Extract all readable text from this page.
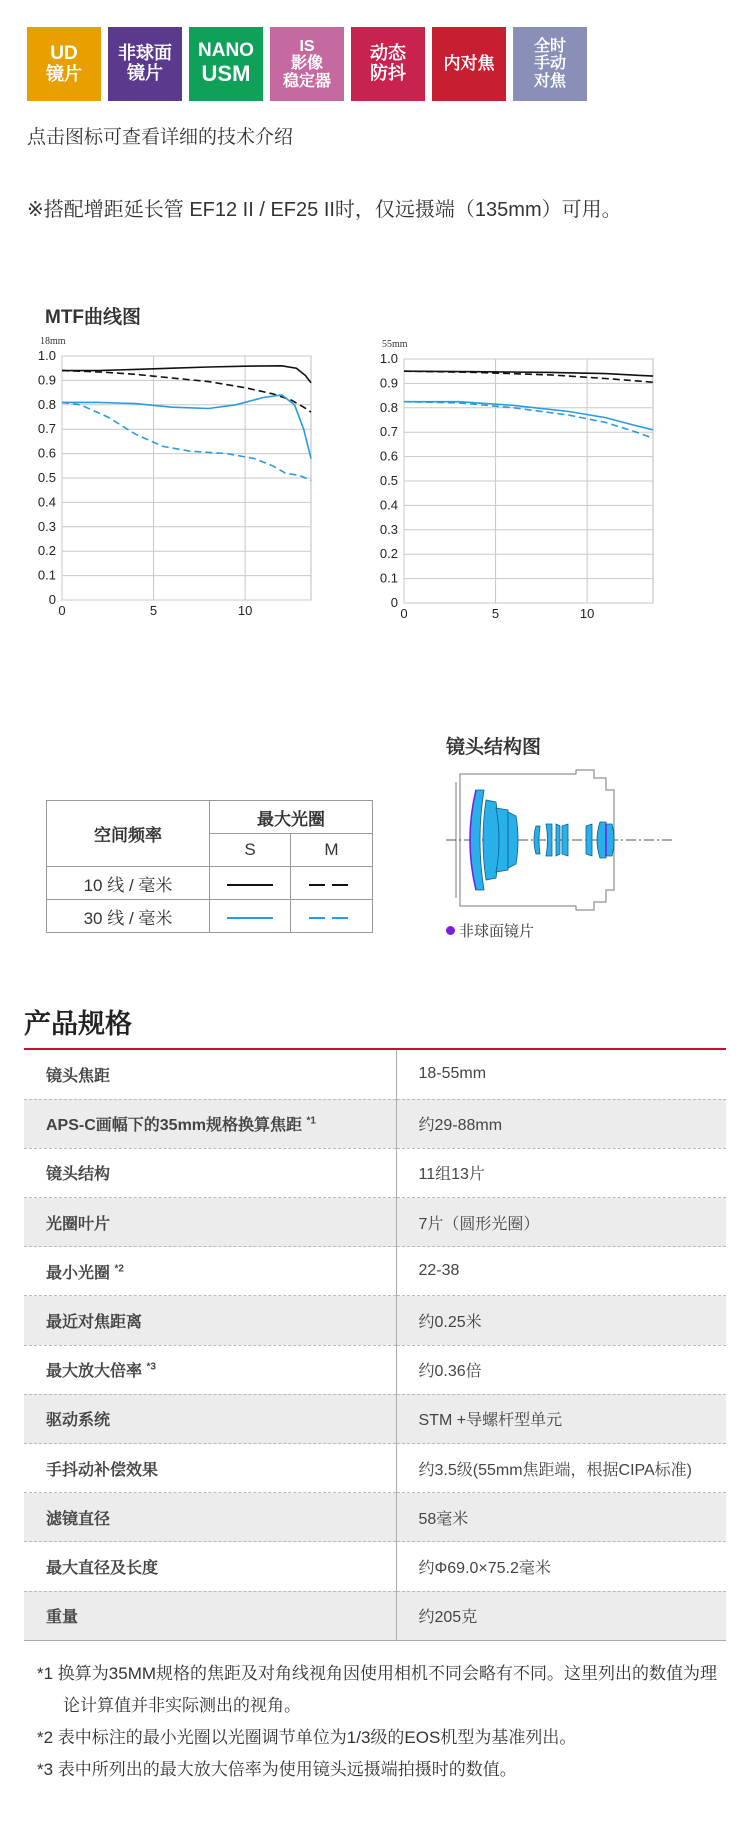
UD
镜片
非球面
镜片
NANO
USM
IS
影像
稳定器
动态
防抖 内对焦
全时
手动
对焦
点击图标可查看详细的技术介绍
※搭配增距延长管 EF12 II / EF25 II时，仅远摄端（135mm）可用。
MTF曲线图
18mm
0
0.1
0.2
0.3
0.4
0.5
0.6
0.7
0.8
0.9
1.0
0	5	10
55mm
0
0.1
0.2
0.3
0.4
0.5
0.6
0.7
0.8
0.9
1.0
0	5	10
空间频率	最大光圈	
	S	M
10 线 / 毫米		
30 线 / 毫米		
镜头结构图
非球面镜片
产品规格
镜头焦距	18-55mm
APS-C画幅下的35mm规格换算焦距 $^{*1}$	约29-88mm
镜头结构	11组13片
光圈叶片	7片（圆形光圈）
最小光圈 $^{*2}$	22-38
最近对焦距离	约0.25米
最大放大倍率 $^{*3}$	约0.36倍
驱动系统	STM +导螺杆型单元
手抖动补偿效果	约3.5级(55mm焦距端，根据CIPA标准)
滤镜直径	58毫米
最大直径及长度	约Φ69.0×75.2毫米
重量	约205克
*1 换算为35MM规格的焦距及对角线视角因使用相机不同会略有不同。这里列出的数值为理论计算值并非实际测出的视角。
*2 表中标注的最小光圈以光圈调节单位为1/3级的EOS机型为基准列出。
*3 表中所列出的最大放大倍率为使用镜头远摄端拍摄时的数值。
